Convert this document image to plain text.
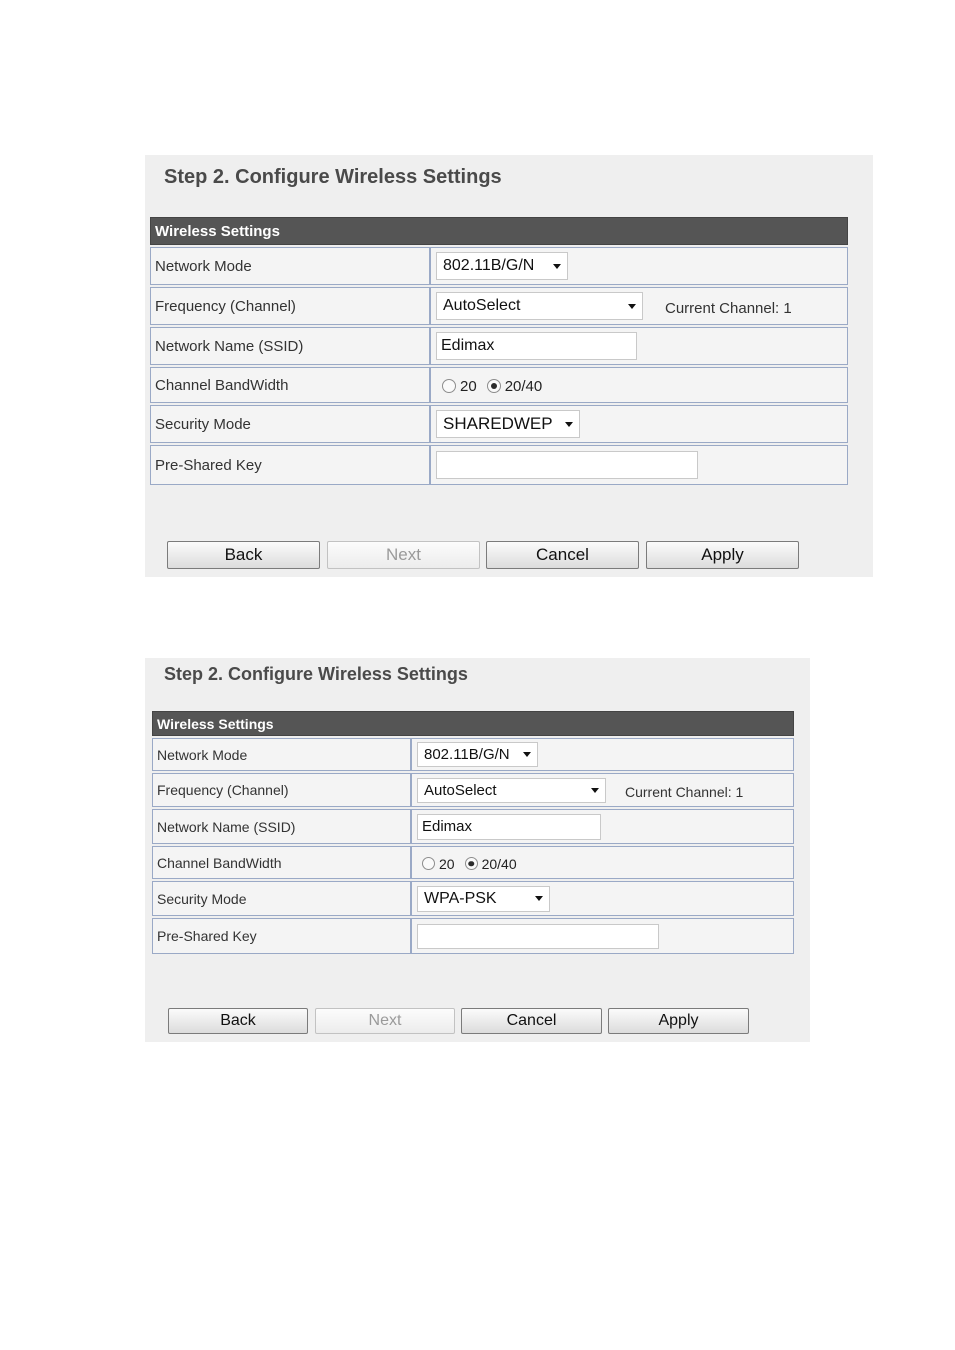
Step 2. Configure Wireless Settings
Wireless Settings	
Network Mode	802.11B/G/N

Frequency (Channel)	AutoSelect Current Channel: 1

Network Name (SSID)	Edimax

Channel BandWidth	20 20/40

Security Mode	SHAREDWEP

Pre-Shared Key	
Back	Next	Cancel	Apply
Step 2. Configure Wireless Settings
Wireless Settings	
Network Mode	802.11B/G/N

Frequency (Channel)	AutoSelect Current Channel: 1

Network Name (SSID)	Edimax

Channel BandWidth	20 20/40

Security Mode	WPA-PSK

Pre-Shared Key	
Back	Next	Cancel	Apply
